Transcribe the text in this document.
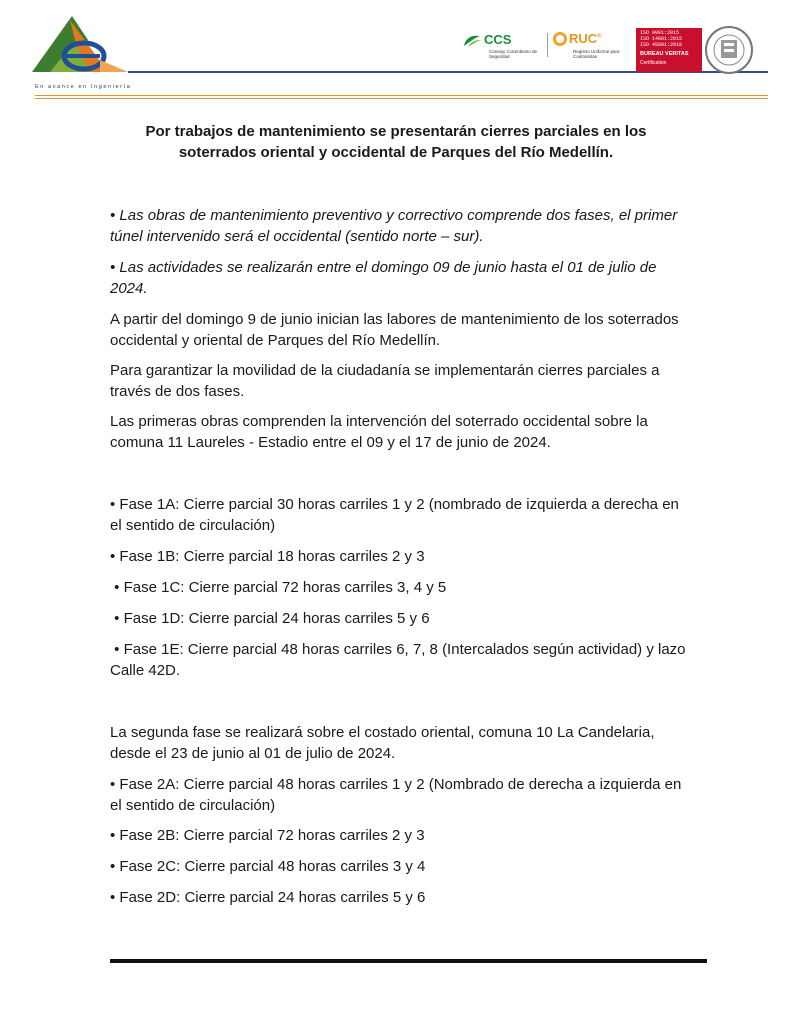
En avance en Ingeniería
CCS
Consejo Colombiano de Seguridad
RUC®
Registro Uniforme para Contratistas
ISO 9001:2015
ISO 14001:2015
ISO 45001:2018
BUREAU VERITAS
Certification
Por trabajos de mantenimiento se presentarán cierres parciales en los soterrados oriental y occidental de Parques del Río Medellín.

• Las obras de mantenimiento preventivo y correctivo comprende dos fases, el primer túnel intervenido será el occidental (sentido norte – sur).

• Las actividades se realizarán entre el domingo 09 de junio hasta el 01 de julio de 2024.

A partir del domingo 9 de junio inician las labores de mantenimiento de los soterrados occidental y oriental de Parques del Río Medellín.

Para garantizar la movilidad de la ciudadanía se implementarán cierres parciales a través de dos fases.

Las primeras obras comprenden la intervención del soterrado occidental sobre la comuna 11 Laureles - Estadio entre el 09 y el 17 de junio de 2024.

• Fase 1A: Cierre parcial 30 horas carriles 1 y 2 (nombrado de izquierda a derecha en el sentido de circulación)

• Fase 1B: Cierre parcial 18 horas carriles 2 y 3

• Fase 1C: Cierre parcial 72 horas carriles 3, 4 y 5

• Fase 1D: Cierre parcial 24 horas carriles 5 y 6

• Fase 1E: Cierre parcial 48 horas carriles 6, 7, 8 (Intercalados según actividad) y lazo Calle 42D.

La segunda fase se realizará sobre el costado oriental, comuna 10 La Candelaria, desde el 23 de junio al 01 de julio de 2024.

• Fase 2A: Cierre parcial 48 horas carriles 1 y 2 (Nombrado de derecha a izquierda en el sentido de circulación)

• Fase 2B: Cierre parcial 72 horas carriles 2 y 3

• Fase 2C: Cierre parcial 48 horas carriles 3 y 4

• Fase 2D: Cierre parcial 24 horas carriles 5 y 6
